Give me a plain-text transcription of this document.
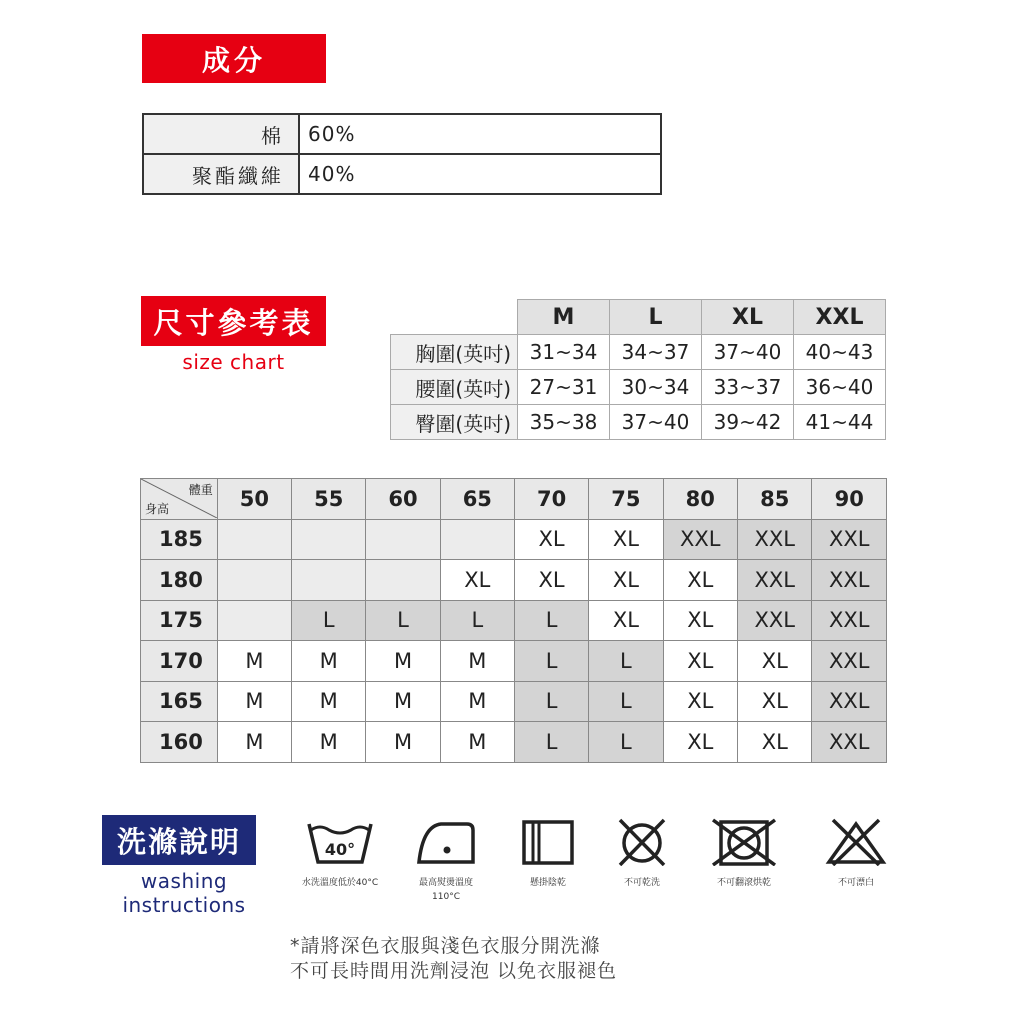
成分
棉	60%
聚酯纖維	40%
尺寸參考表
size chart
	M	L	XL	XXL
胸圍(英吋)	31~34	34~37	37~40	40~43
腰圍(英吋)	27~31	30~34	33~37	36~40
臀圍(英吋)	35~38	37~40	39~42	41~44
體重
身高	50	55	60	65	70	75	80	85	90
185					XL	XL	XXL	XXL	XXL
180				XL	XL	XL	XL	XXL	XXL
175		L	L	L	L	XL	XL	XXL	XXL
170	M	M	M	M	L	L	XL	XL	XXL
165	M	M	M	M	L	L	XL	XL	XXL
160	M	M	M	M	L	L	XL	XL	XXL
洗滌說明
washing
instructions
40°
水洗溫度低於40°C	最高熨燙溫度
110°C
懸掛陰乾	不可乾洗	不可翻滾烘乾	不可漂白
*請將深色衣服與淺色衣服分開洗滌
不可長時間用洗劑浸泡 以免衣服褪色
